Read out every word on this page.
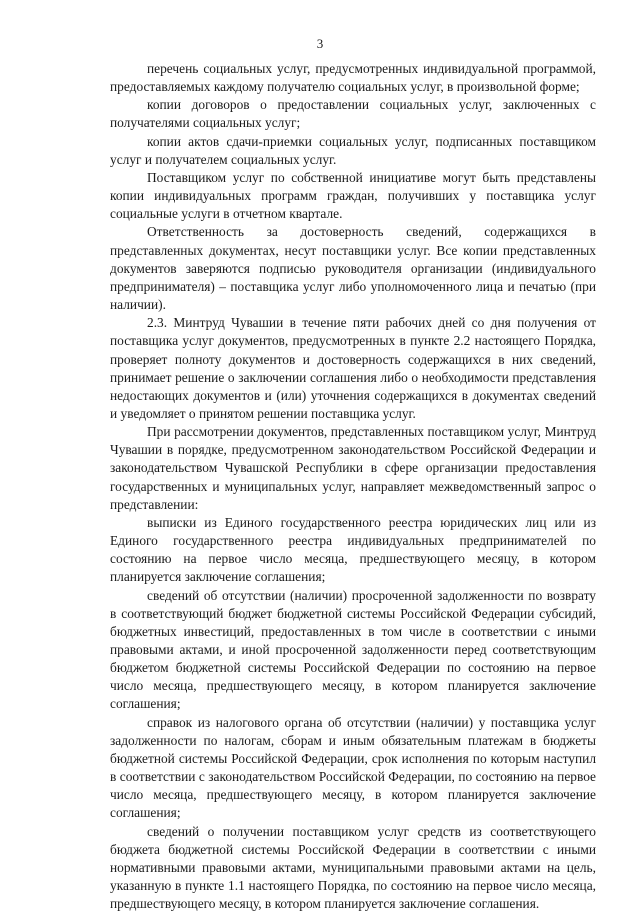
3

перечень социальных услуг, предусмотренных индивидуальной программой, предоставляемых каждому получателю социальных услуг, в произвольной форме;

копии договоров о предоставлении социальных услуг, заключенных с получателями социальных услуг;

копии актов сдачи-приемки социальных услуг, подписанных поставщиком услуг и получателем социальных услуг.

Поставщиком услуг по собственной инициативе могут быть представлены копии индивидуальных программ граждан, получивших у поставщика услуг социальные услуги в отчетном квартале.

Ответственность за достоверность сведений, содержащихся в представленных документах, несут поставщики услуг. Все копии представленных документов заверяются подписью руководителя организации (индивидуального предпринимателя) – поставщика услуг либо уполномоченного лица и печатью (при наличии).

2.3. Минтруд Чувашии в течение пяти рабочих дней со дня получения от поставщика услуг документов, предусмотренных в пункте 2.2 настоящего Порядка, проверяет полноту документов и достоверность содержащихся в них сведений, принимает решение о заключении соглашения либо о необходимости представления недостающих документов и (или) уточнения содержащихся в документах сведений и уведомляет о принятом решении поставщика услуг.

При рассмотрении документов, представленных поставщиком услуг, Минтруд Чувашии в порядке, предусмотренном законодательством Российской Федерации и законодательством Чувашской Республики в сфере организации предоставления государственных и муниципальных услуг, направляет межведомственный запрос о представлении:

выписки из Единого государственного реестра юридических лиц или из Единого государственного реестра индивидуальных предпринимателей по состоянию на первое число месяца, предшествующего месяцу, в котором планируется заключение соглашения;

сведений об отсутствии (наличии) просроченной задолженности по возврату в соответствующий бюджет бюджетной системы Российской Федерации субсидий, бюджетных инвестиций, предоставленных в том числе в соответствии с иными правовыми актами, и иной просроченной задолженности перед соответствующим бюджетом бюджетной системы Российской Федерации по состоянию на первое число месяца, предшествующего месяцу, в котором планируется заключение соглашения;

справок из налогового органа об отсутствии (наличии) у поставщика услуг задолженности по налогам, сборам и иным обязательным платежам в бюджеты бюджетной системы Российской Федерации, срок исполнения по которым наступил в соответствии с законодательством Российской Федерации, по состоянию на первое число месяца, предшествующего месяцу, в котором планируется заключение соглашения;

сведений о получении поставщиком услуг средств из соответствующего бюджета бюджетной системы Российской Федерации в соответствии с иными нормативными правовыми актами, муниципальными правовыми актами на цель, указанную в пункте 1.1 настоящего Порядка, по состоянию на первое число месяца, предшествующего месяцу, в котором планируется заключение соглашения.
